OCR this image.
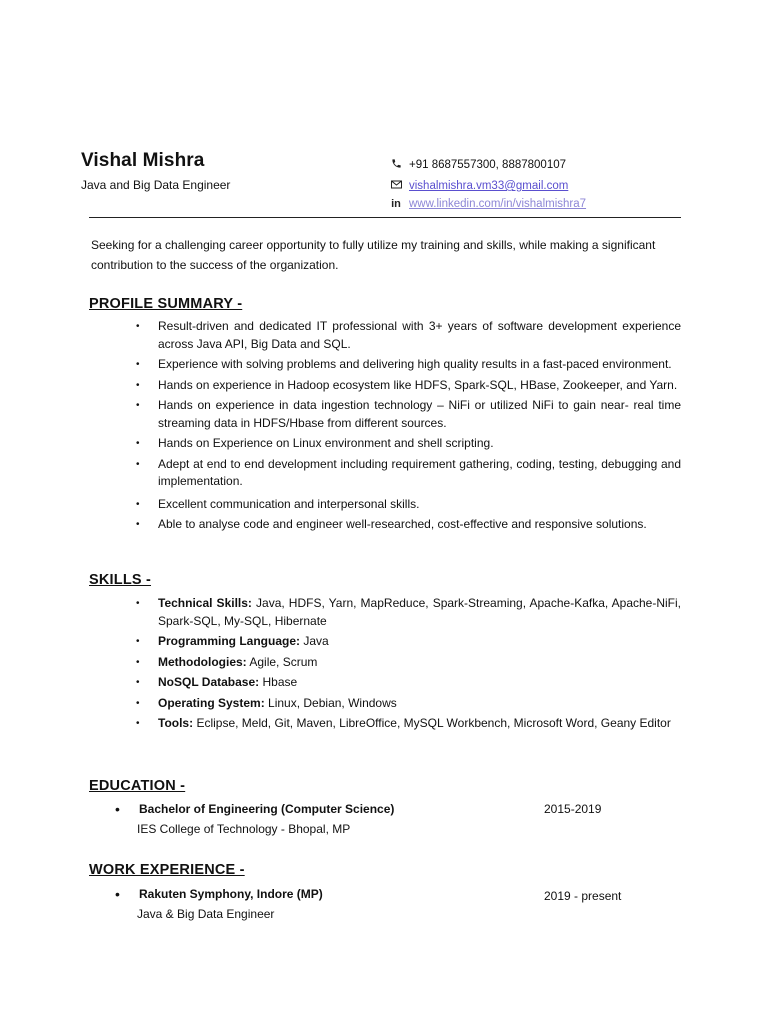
Vishal Mishra
Java and Big Data Engineer
+91 8687557300, 8887800107
vishalmishra.vm33@gmail.com
in www.linkedin.com/in/vishalmishra7
Seeking for a challenging career opportunity to fully utilize my training and skills, while making a significant contribution to the success of the organization.
PROFILE SUMMARY -
• Result-driven and dedicated IT professional with 3+ years of software development experience across Java API, Big Data and SQL.
• Experience with solving problems and delivering high quality results in a fast-paced environment.
• Hands on experience in Hadoop ecosystem like HDFS, Spark-SQL, HBase, Zookeeper, and Yarn.
• Hands on experience in data ingestion technology – NiFi or utilized NiFi to gain near- real time streaming data in HDFS/Hbase from different sources.
• Hands on Experience on Linux environment and shell scripting.
• Adept at end to end development including requirement gathering, coding, testing, debugging and implementation.
• Excellent communication and interpersonal skills.
• Able to analyse code and engineer well-researched, cost-effective and responsive solutions.
SKILLS -
• Technical Skills: Java, HDFS, Yarn, MapReduce, Spark-Streaming, Apache-Kafka, Apache-NiFi, Spark-SQL, My-SQL, Hibernate
• Programming Language: Java
• Methodologies: Agile, Scrum
• NoSQL Database: Hbase
• Operating System: Linux, Debian, Windows
• Tools: Eclipse, Meld, Git, Maven, LibreOffice, MySQL Workbench, Microsoft Word, Geany Editor
EDUCATION -
• Bachelor of Engineering (Computer Science)
IES College of Technology - Bhopal, MP
2015-2019
WORK EXPERIENCE -
• Rakuten Symphony, Indore (MP)
Java & Big Data Engineer
2019 - present
